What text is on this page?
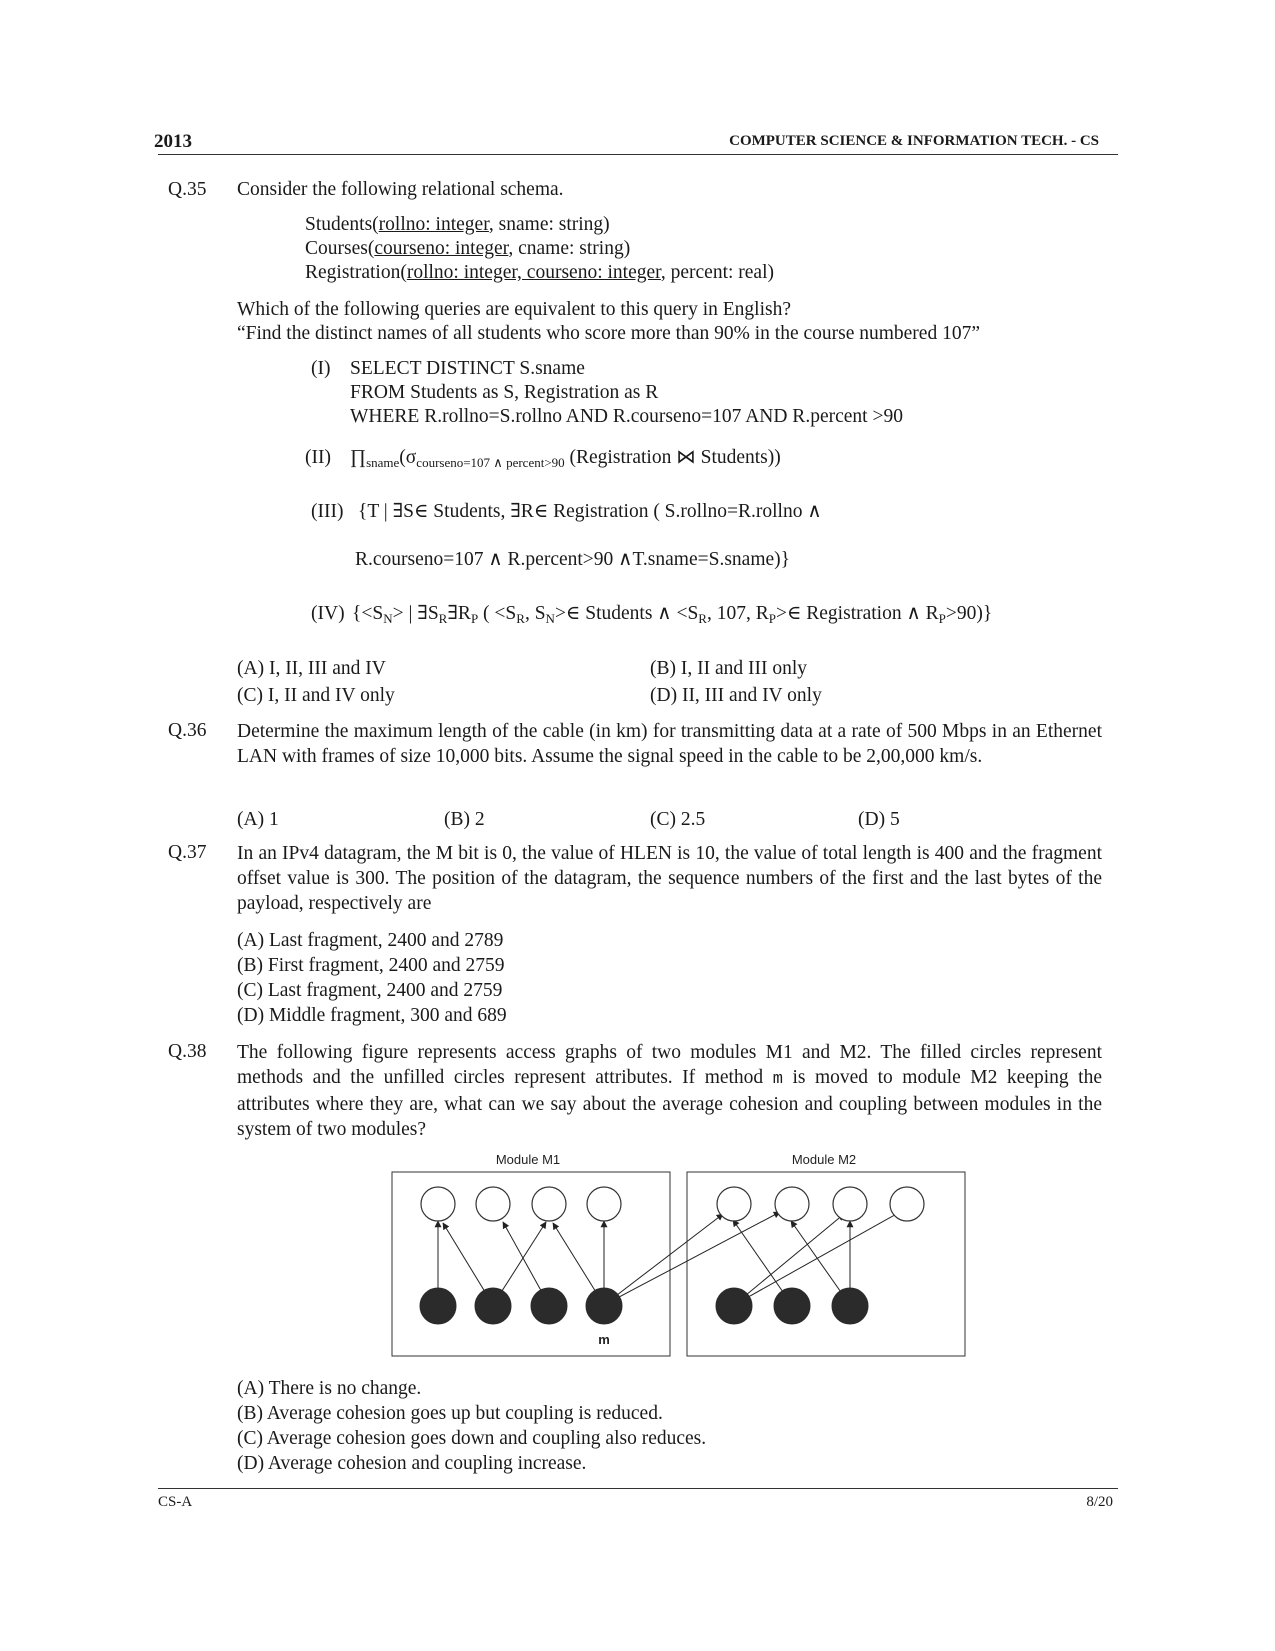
2013	COMPUTER SCIENCE & INFORMATION TECH. - CS
Q.35 Consider the following relational schema.
Students(rollno: integer, sname: string)
Courses(courseno: integer, cname: string)
Registration(rollno: integer, courseno: integer, percent: real)
Which of the following queries are equivalent to this query in English?
“Find the distinct names of all students who score more than 90% in the course numbered 107”
(I) SELECT DISTINCT S.sname
FROM Students as S, Registration as R
WHERE R.rollno=S.rollno AND R.courseno=107 AND R.percent >90
(II) $\prod_{sname}(\sigma_{courseno=107 \wedge percent>90}$ (Registration ⋈ Students))
(III) {T | ∃S∈ Students, ∃R∈ Registration ( S.rollno=R.rollno ∧
R.courseno=107 ∧ R.percent>90 ∧T.sname=S.sname)}
(IV) {$<S_N>$ | $\exists S_R\exists R_P$ ( $<S_R$, $S_N>\in$ Students ∧ $<S_R$, 107, $R_P>\in$ Registration ∧ $R_P>90$)}
(A) I, II, III and IV	(B) I, II and III only
(C) I, II and IV only	(D) II, III and IV only
Q.36 Determine the maximum length of the cable (in km) for transmitting data at a rate of 500 Mbps in an Ethernet LAN with frames of size 10,000 bits. Assume the signal speed in the cable to be 2,00,000 km/s.
(A) 1	(B) 2	(C) 2.5	(D) 5
Q.37 In an IPv4 datagram, the M bit is 0, the value of HLEN is 10, the value of total length is 400 and the fragment offset value is 300. The position of the datagram, the sequence numbers of the first and the last bytes of the payload, respectively are
(A) Last fragment, 2400 and 2789
(B) First fragment, 2400 and 2759
(C) Last fragment, 2400 and 2759
(D) Middle fragment, 300 and 689
Q.38 The following figure represents access graphs of two modules M1 and M2. The filled circles represent methods and the unfilled circles represent attributes. If method m is moved to module M2 keeping the attributes where they are, what can we say about the average cohesion and coupling between modules in the system of two modules?
Module M1	Module M2
m
(A) There is no change.
(B) Average cohesion goes up but coupling is reduced.
(C) Average cohesion goes down and coupling also reduces.
(D) Average cohesion and coupling increase.
CS-A	8/20
